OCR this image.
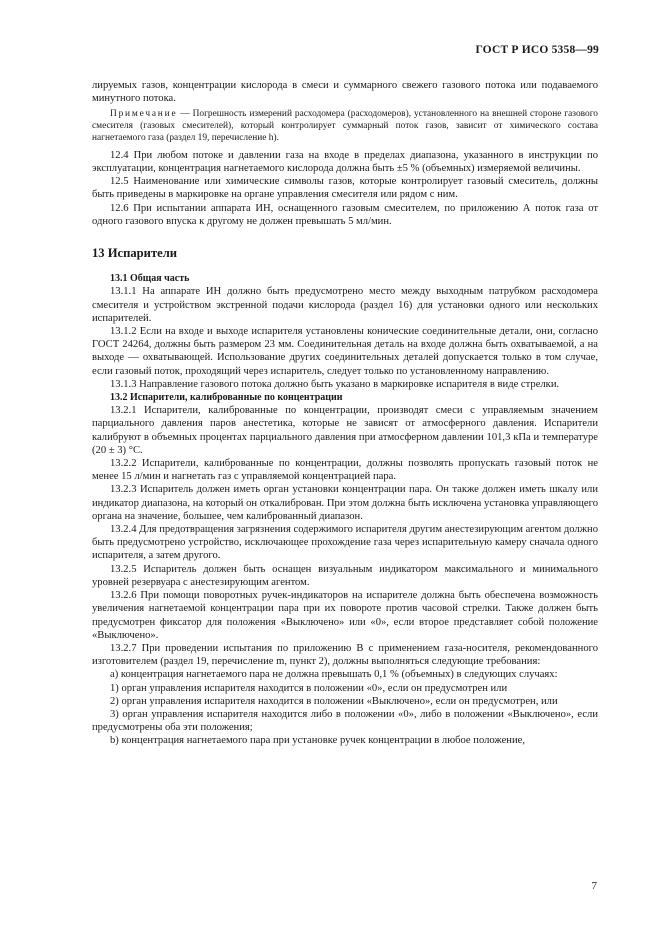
ГОСТ Р ИСО 5358—99

лируемых газов, концентрации кислорода в смеси и суммарного свежего газового потока или подаваемого минутного потока.

Примечание — Погрешность измерений расходомера (расходомеров), установленного на внешней стороне газового смесителя (газовых смесителей), который контролирует суммарный поток газов, зависит от химического состава нагнетаемого газа (раздел 19, перечисление h).

12.4 При любом потоке и давлении газа на входе в пределах диапазона, указанного в инструкции по эксплуатации, концентрация нагнетаемого кислорода должна быть ±5 % (объемных) измеряемой величины.

12.5 Наименование или химические символы газов, которые контролирует газовый смеситель, должны быть приведены в маркировке на органе управления смесителя или рядом с ним.

12.6 При испытании аппарата ИН, оснащенного газовым смесителем, по приложению А поток газа от одного газового впуска к другому не должен превышать 5 мл/мин.

13 Испарители

13.1 Общая часть

13.1.1 На аппарате ИН должно быть предусмотрено место между выходным патрубком расходомера смесителя и устройством экстренной подачи кислорода (раздел 16) для установки одного или нескольких испарителей.

13.1.2 Если на входе и выходе испарителя установлены конические соединительные детали, они, согласно ГОСТ 24264, должны быть размером 23 мм. Соединительная деталь на входе должна быть охватываемой, а на выходе — охватывающей. Использование других соединительных деталей допускается только в том случае, если газовый поток, проходящий через испаритель, следует только по установленному направлению.

13.1.3 Направление газового потока должно быть указано в маркировке испарителя в виде стрелки.

13.2 Испарители, калиброванные по концентрации

13.2.1 Испарители, калиброванные по концентрации, производят смеси с управляемым значением парциального давления паров анестетика, которые не зависят от атмосферного давления. Испарители калибруют в объемных процентах парциального давления при атмосферном давлении 101,3 кПа и температуре (20 ± 3) °C.

13.2.2 Испарители, калиброванные по концентрации, должны позволять пропускать газовый поток не менее 15 л/мин и нагнетать газ с управляемой концентрацией пара.

13.2.3 Испаритель должен иметь орган установки концентрации пара. Он также должен иметь шкалу или индикатор диапазона, на который он откалиброван. При этом должна быть исключена установка управляющего органа на значение, большее, чем калиброванный диапазон.

13.2.4 Для предотвращения загрязнения содержимого испарителя другим анестезирующим агентом должно быть предусмотрено устройство, исключающее прохождение газа через испарительную камеру сначала одного испарителя, а затем другого.

13.2.5 Испаритель должен быть оснащен визуальным индикатором максимального и минимального уровней резервуара с анестезирующим агентом.

13.2.6 При помощи поворотных ручек-индикаторов на испарителе должна быть обеспечена возможность увеличения нагнетаемой концентрации пара при их повороте против часовой стрелки. Также должен быть предусмотрен фиксатор для положения «Выключено» или «0», если второе представляет собой положение «Выключено».

13.2.7 При проведении испытания по приложению В с применением газа-носителя, рекомендованного изготовителем (раздел 19, перечисление m, пункт 2), должны выполняться следующие требования:

a) концентрация нагнетаемого пара не должна превышать 0,1 % (объемных) в следующих случаях:

1) орган управления испарителя находится в положении «0», если он предусмотрен или

2) орган управления испарителя находится в положении «Выключено», если он предусмотрен, или

3) орган управления испарителя находится либо в положении «0», либо в положении «Выключено», если предусмотрены оба эти положения;

b) концентрация нагнетаемого пара при установке ручек концентрации в любое положение,

7
